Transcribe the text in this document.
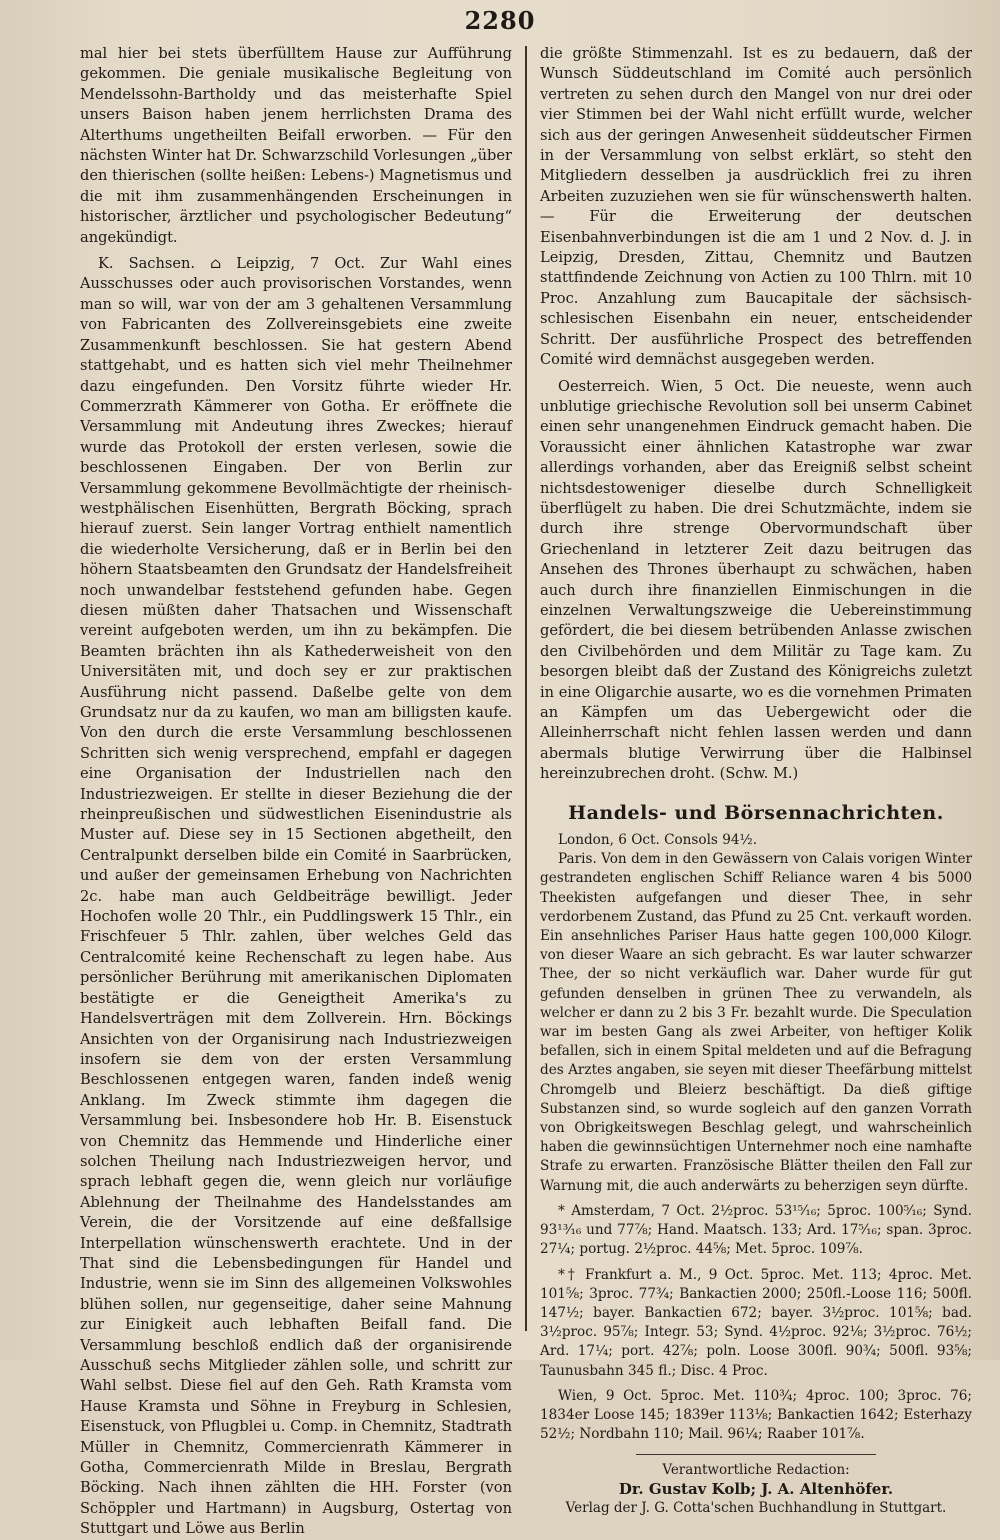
2280

mal hier bei stets überfülltem Hause zur Aufführung gekommen. Die geniale musikalische Begleitung von Mendelssohn-Bartholdy und das meisterhafte Spiel unsers Baison haben jenem herrlichsten Drama des Alterthums ungetheilten Beifall erworben. — Für den nächsten Winter hat Dr. Schwarzschild Vorlesungen „über den thierischen (sollte heißen: Lebens-) Magnetismus und die mit ihm zusammenhängenden Erscheinungen in historischer, ärztlicher und psychologischer Bedeutung“ angekündigt.

K. Sachsen. ⌂ Leipzig, 7 Oct. Zur Wahl eines Ausschusses oder auch provisorischen Vorstandes, wenn man so will, war von der am 3 gehaltenen Versammlung von Fabricanten des Zollvereinsgebiets eine zweite Zusammenkunft beschlossen. Sie hat gestern Abend stattgehabt, und es hatten sich viel mehr Theilnehmer dazu eingefunden. Den Vorsitz führte wieder Hr. Commerzrath Kämmerer von Gotha. Er eröffnete die Versammlung mit Andeutung ihres Zweckes; hierauf wurde das Protokoll der ersten verlesen, sowie die beschlossenen Eingaben. Der von Berlin zur Versammlung gekommene Bevollmächtigte der rheinisch-westphälischen Eisenhütten, Bergrath Böcking, sprach hierauf zuerst. Sein langer Vortrag enthielt namentlich die wiederholte Versicherung, daß er in Berlin bei den höhern Staatsbeamten den Grundsatz der Handelsfreiheit noch unwandelbar feststehend gefunden habe. Gegen diesen müßten daher Thatsachen und Wissenschaft vereint aufgeboten werden, um ihn zu bekämpfen. Die Beamten brächten ihn als Kathederweisheit von den Universitäten mit, und doch sey er zur praktischen Ausführung nicht passend. Daßelbe gelte von dem Grundsatz nur da zu kaufen, wo man am billigsten kaufe. Von den durch die erste Versammlung beschlossenen Schritten sich wenig versprechend, empfahl er dagegen eine Organisation der Industriellen nach den Industriezweigen. Er stellte in dieser Beziehung die der rheinpreußischen und südwestlichen Eisenindustrie als Muster auf. Diese sey in 15 Sectionen abgetheilt, den Centralpunkt derselben bilde ein Comité in Saarbrücken, und außer der gemeinsamen Erhebung von Nachrichten 2c. habe man auch Geldbeiträge bewilligt. Jeder Hochofen wolle 20 Thlr., ein Puddlingswerk 15 Thlr., ein Frischfeuer 5 Thlr. zahlen, über welches Geld das Centralcomité keine Rechenschaft zu legen habe. Aus persönlicher Berührung mit amerikanischen Diplomaten bestätigte er die Geneigtheit Amerika's zu Handelsverträgen mit dem Zollverein. Hrn. Böckings Ansichten von der Organisirung nach Industriezweigen insofern sie dem von der ersten Versammlung Beschlossenen entgegen waren, fanden indeß wenig Anklang. Im Zweck stimmte ihm dagegen die Versammlung bei. Insbesondere hob Hr. B. Eisenstuck von Chemnitz das Hemmende und Hinderliche einer solchen Theilung nach Industriezweigen hervor, und sprach lebhaft gegen die, wenn gleich nur vorläufige Ablehnung der Theilnahme des Handelsstandes am Verein, die der Vorsitzende auf eine deßfallsige Interpellation wünschenswerth erachtete. Und in der That sind die Lebensbedingungen für Handel und Industrie, wenn sie im Sinn des allgemeinen Volkswohles blühen sollen, nur gegenseitige, daher seine Mahnung zur Einigkeit auch lebhaften Beifall fand. Die Versammlung beschloß endlich daß der organisirende Ausschuß sechs Mitglieder zählen solle, und schritt zur Wahl selbst. Diese fiel auf den Geh. Rath Kramsta vom Hause Kramsta und Söhne in Freyburg in Schlesien, Eisenstuck, von Pflugblei u. Comp. in Chemnitz, Stadtrath Müller in Chemnitz, Commercienrath Kämmerer in Gotha, Commercienrath Milde in Breslau, Bergrath Böcking. Nach ihnen zählten die HH. Forster (von Schöppler und Hartmann) in Augsburg, Ostertag von Stuttgart und Löwe aus Berlin

die größte Stimmenzahl. Ist es zu bedauern, daß der Wunsch Süddeutschland im Comité auch persönlich vertreten zu sehen durch den Mangel von nur drei oder vier Stimmen bei der Wahl nicht erfüllt wurde, welcher sich aus der geringen Anwesenheit süddeutscher Firmen in der Versammlung von selbst erklärt, so steht den Mitgliedern desselben ja ausdrücklich frei zu ihren Arbeiten zuzuziehen wen sie für wünschenswerth halten. — Für die Erweiterung der deutschen Eisenbahnverbindungen ist die am 1 und 2 Nov. d. J. in Leipzig, Dresden, Zittau, Chemnitz und Bautzen stattfindende Zeichnung von Actien zu 100 Thlrn. mit 10 Proc. Anzahlung zum Baucapitale der sächsisch-schlesischen Eisenbahn ein neuer, entscheidender Schritt. Der ausführliche Prospect des betreffenden Comité wird demnächst ausgegeben werden.

Oesterreich. Wien, 5 Oct. Die neueste, wenn auch unblutige griechische Revolution soll bei unserm Cabinet einen sehr unangenehmen Eindruck gemacht haben. Die Voraussicht einer ähnlichen Katastrophe war zwar allerdings vorhanden, aber das Ereigniß selbst scheint nichtsdestoweniger dieselbe durch Schnelligkeit überflügelt zu haben. Die drei Schutzmächte, indem sie durch ihre strenge Obervormundschaft über Griechenland in letzterer Zeit dazu beitrugen das Ansehen des Thrones überhaupt zu schwächen, haben auch durch ihre finanziellen Einmischungen in die einzelnen Verwaltungszweige die Uebereinstimmung gefördert, die bei diesem betrübenden Anlasse zwischen den Civilbehörden und dem Militär zu Tage kam. Zu besorgen bleibt daß der Zustand des Königreichs zuletzt in eine Oligarchie ausarte, wo es die vornehmen Primaten an Kämpfen um das Uebergewicht oder die Alleinherrschaft nicht fehlen lassen werden und dann abermals blutige Verwirrung über die Halbinsel hereinzubrechen droht. (Schw. M.)

Handels- und Börsennachrichten.

London, 6 Oct. Consols 94½.

Paris. Von dem in den Gewässern von Calais vorigen Winter gestrandeten englischen Schiff Reliance waren 4 bis 5000 Theekisten aufgefangen und dieser Thee, in sehr verdorbenem Zustand, das Pfund zu 25 Cnt. verkauft worden. Ein ansehnliches Pariser Haus hatte gegen 100,000 Kilogr. von dieser Waare an sich gebracht. Es war lauter schwarzer Thee, der so nicht verkäuflich war. Daher wurde für gut gefunden denselben in grünen Thee zu verwandeln, als welcher er dann zu 2 bis 3 Fr. bezahlt wurde. Die Speculation war im besten Gang als zwei Arbeiter, von heftiger Kolik befallen, sich in einem Spital meldeten und auf die Befragung des Arztes angaben, sie seyen mit dieser Theefärbung mittelst Chromgelb und Bleierz beschäftigt. Da dieß giftige Substanzen sind, so wurde sogleich auf den ganzen Vorrath von Obrigkeitswegen Beschlag gelegt, und wahrscheinlich haben die gewinnsüchtigen Unternehmer noch eine namhafte Strafe zu erwarten. Französische Blätter theilen den Fall zur Warnung mit, die auch anderwärts zu beherzigen seyn dürfte.

* Amsterdam, 7 Oct. 2½proc. 53¹⁵⁄₁₆; 5proc. 100⁵⁄₁₆; Synd. 93¹³⁄₁₆ und 77⅞; Hand. Maatsch. 133; Ard. 17⁵⁄₁₆; span. 3proc. 27¼; portug. 2½proc. 44⅝; Met. 5proc. 109⅞.

*† Frankfurt a. M., 9 Oct. 5proc. Met. 113; 4proc. Met. 101⅝; 3proc. 77¾; Bankactien 2000; 250fl.-Loose 116; 500fl. 147½; bayer. Bankactien 672; bayer. 3½proc. 101⅝; bad. 3½proc. 95⅞; Integr. 53; Synd. 4½proc. 92⅛; 3½proc. 76½; Ard. 17¼; port. 42⅞; poln. Loose 300fl. 90¾; 500fl. 93⅝; Taunusbahn 345 fl.; Disc. 4 Proc.

Wien, 9 Oct. 5proc. Met. 110¾; 4proc. 100; 3proc. 76; 1834er Loose 145; 1839er 113⅛; Bankactien 1642; Esterhazy 52½; Nordbahn 110; Mail. 96¼; Raaber 101⅞.

Verantwortliche Redaction:
Dr. Gustav Kolb; J. A. Altenhöfer.
Verlag der J. G. Cotta'schen Buchhandlung in Stuttgart.
